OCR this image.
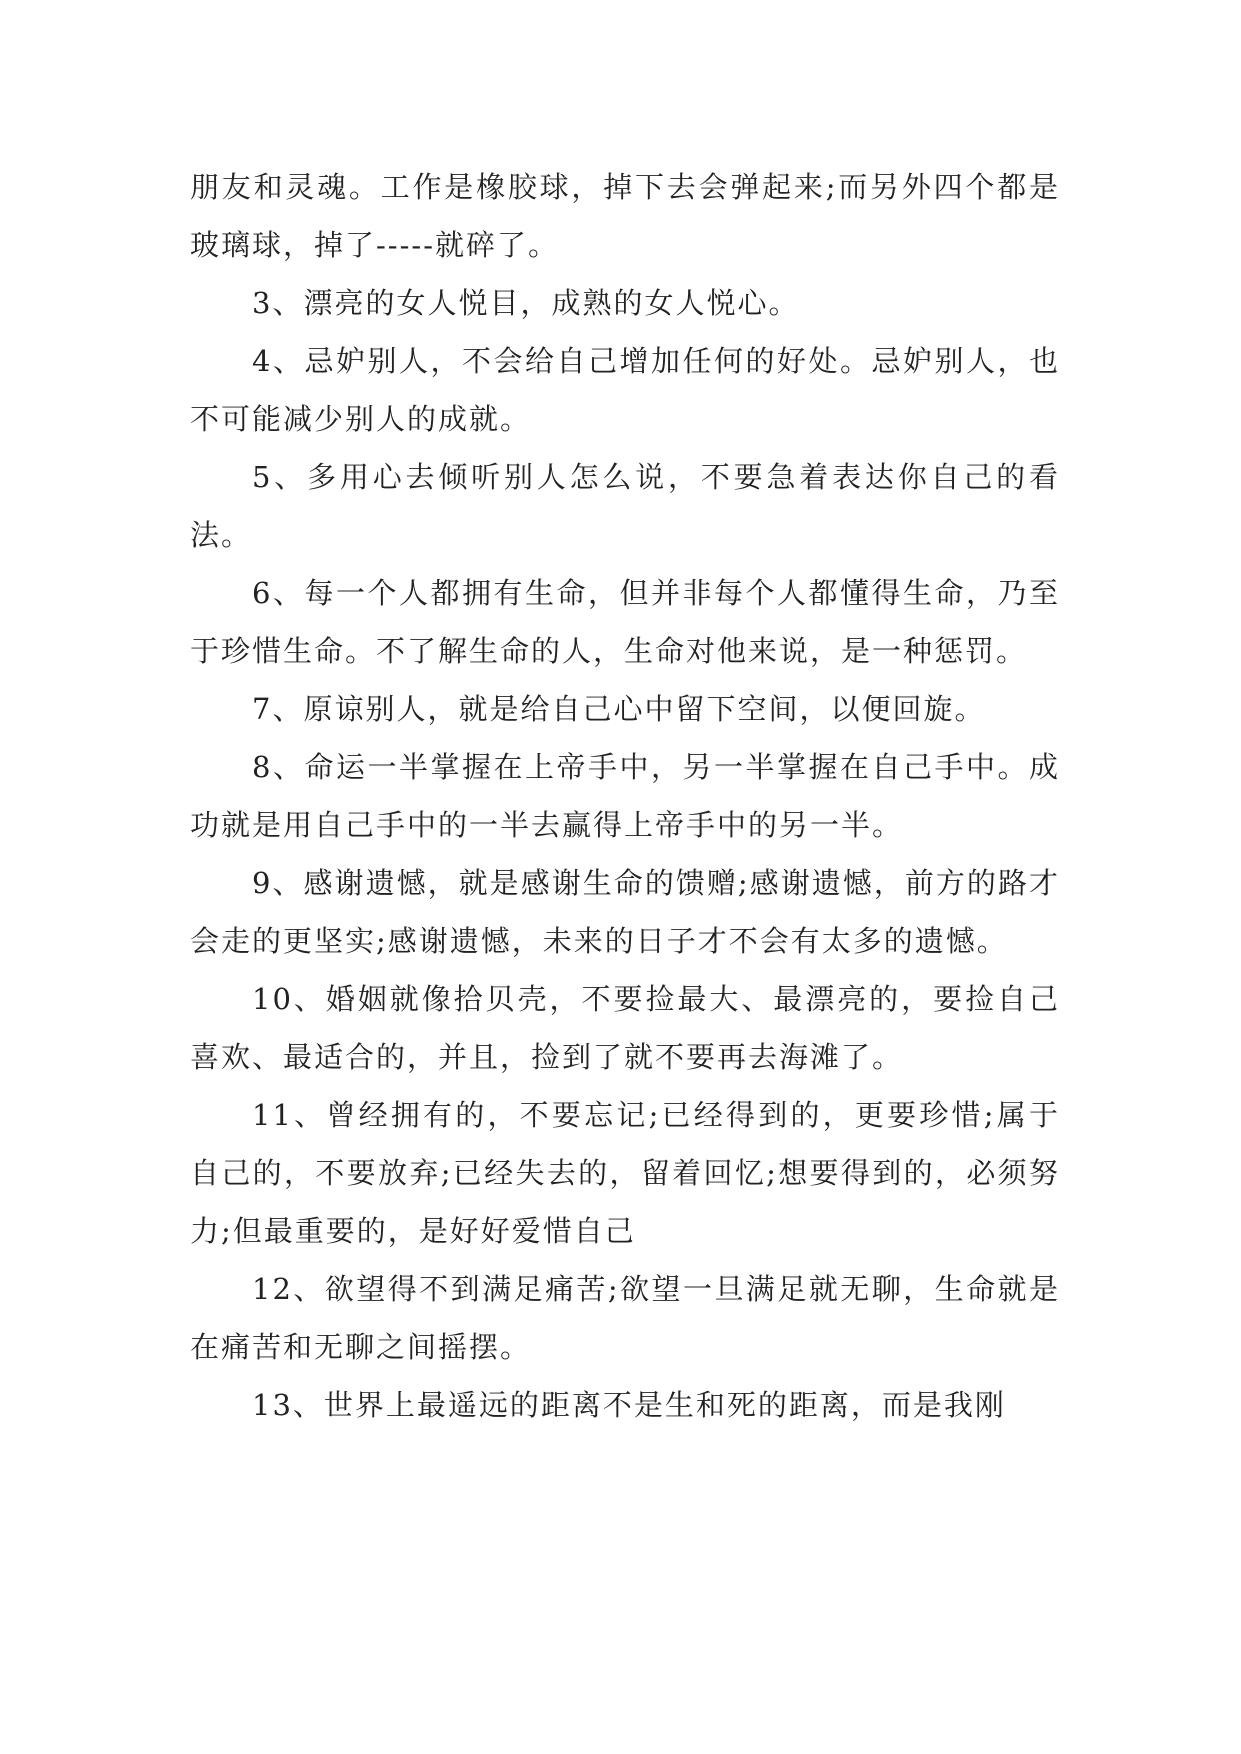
朋友和灵魂。工作是橡胶球，掉下去会弹起来;而另外四个都是玻璃球，掉了-----就碎了。

3、漂亮的女人悦目，成熟的女人悦心。

4、忌妒别人，不会给自己增加任何的好处。忌妒别人，也不可能减少别人的成就。

5、多用心去倾听别人怎么说，不要急着表达你自己的看法。

6、每一个人都拥有生命，但并非每个人都懂得生命，乃至于珍惜生命。不了解生命的人，生命对他来说，是一种惩罚。

7、原谅别人，就是给自己心中留下空间，以便回旋。

8、命运一半掌握在上帝手中，另一半掌握在自己手中。成功就是用自己手中的一半去赢得上帝手中的另一半。

9、感谢遗憾，就是感谢生命的馈赠;感谢遗憾，前方的路才会走的更坚实;感谢遗憾，未来的日子才不会有太多的遗憾。

10、婚姻就像拾贝壳，不要捡最大、最漂亮的，要捡自己喜欢、最适合的，并且，捡到了就不要再去海滩了。

11、曾经拥有的，不要忘记;已经得到的，更要珍惜;属于自己的，不要放弃;已经失去的，留着回忆;想要得到的，必须努力;但最重要的，是好好爱惜自己

12、欲望得不到满足痛苦;欲望一旦满足就无聊，生命就是在痛苦和无聊之间摇摆。

13、世界上最遥远的距离不是生和死的距离，而是我刚
